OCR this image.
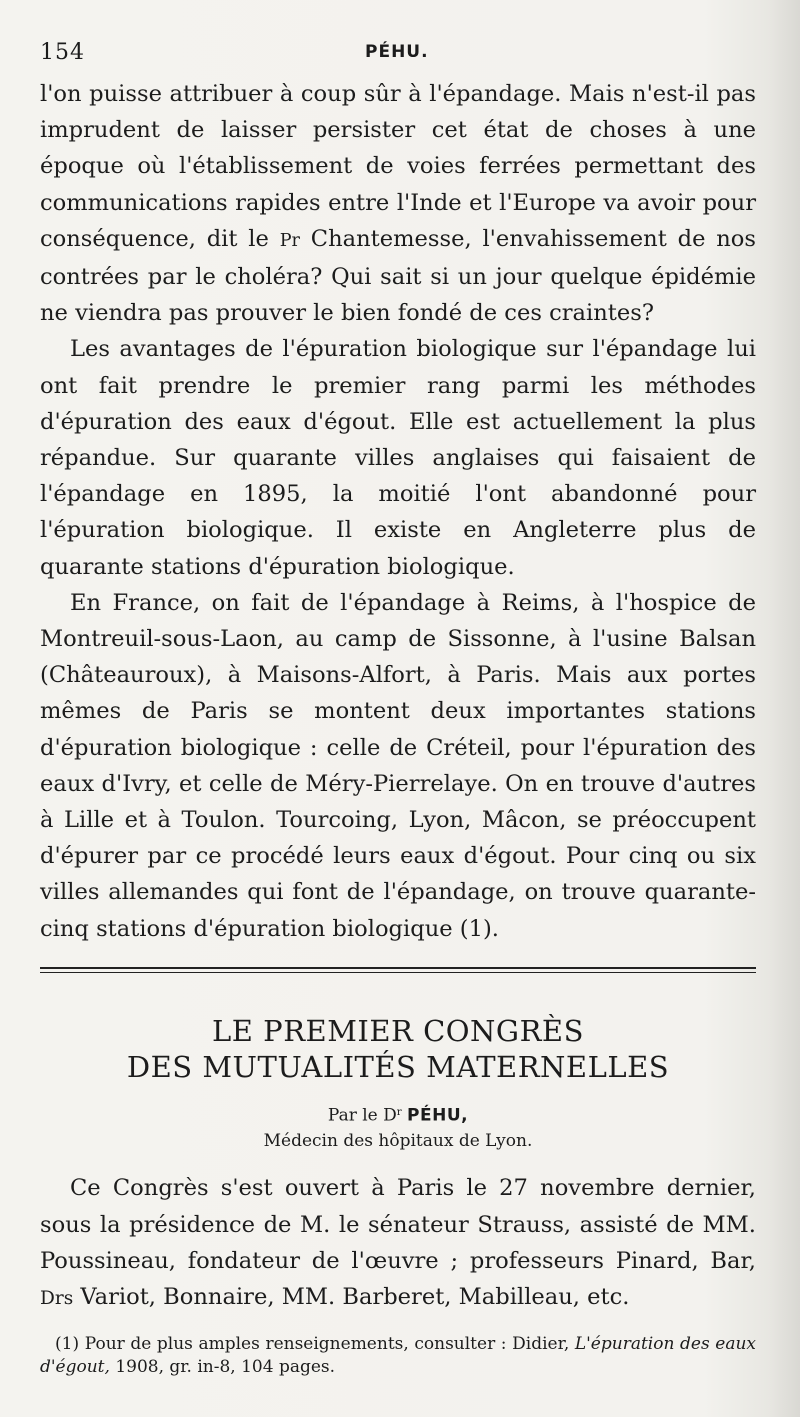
154	PÉHU.

l'on puisse attribuer à coup sûr à l'épandage. Mais n'est-il pas imprudent de laisser persister cet état de choses à une époque où l'établissement de voies ferrées permettant des communications rapides entre l'Inde et l'Europe va avoir pour conséquence, dit le Pr Chantemesse, l'envahissement de nos contrées par le choléra? Qui sait si un jour quelque épidémie ne viendra pas prouver le bien fondé de ces craintes?

Les avantages de l'épuration biologique sur l'épandage lui ont fait prendre le premier rang parmi les méthodes d'épuration des eaux d'égout. Elle est actuellement la plus répandue. Sur quarante villes anglaises qui faisaient de l'épandage en 1895, la moitié l'ont abandonné pour l'épuration biologique. Il existe en Angleterre plus de quarante stations d'épuration biologique.

En France, on fait de l'épandage à Reims, à l'hospice de Montreuil-sous-Laon, au camp de Sissonne, à l'usine Balsan (Châteauroux), à Maisons-Alfort, à Paris. Mais aux portes mêmes de Paris se montent deux importantes stations d'épuration biologique : celle de Créteil, pour l'épuration des eaux d'Ivry, et celle de Méry-Pierrelaye. On en trouve d'autres à Lille et à Toulon. Tourcoing, Lyon, Mâcon, se préoccupent d'épurer par ce procédé leurs eaux d'égout. Pour cinq ou six villes allemandes qui font de l'épandage, on trouve quarante-cinq stations d'épuration biologique (1).

LE PREMIER CONGRÈS
DES MUTUALITÉS MATERNELLES
Par le $D^r$ PÉHU,
Médecin des hôpitaux de Lyon.

Ce Congrès s'est ouvert à Paris le 27 novembre dernier, sous la présidence de M. le sénateur Strauss, assisté de MM. Poussineau, fondateur de l'œuvre ; professeurs Pinard, Bar, Drs Variot, Bonnaire, MM. Barberet, Mabilleau, etc.

(1) Pour de plus amples renseignements, consulter : Didier, L'épuration des eaux d'égout, 1908, gr. in-8, 104 pages.
